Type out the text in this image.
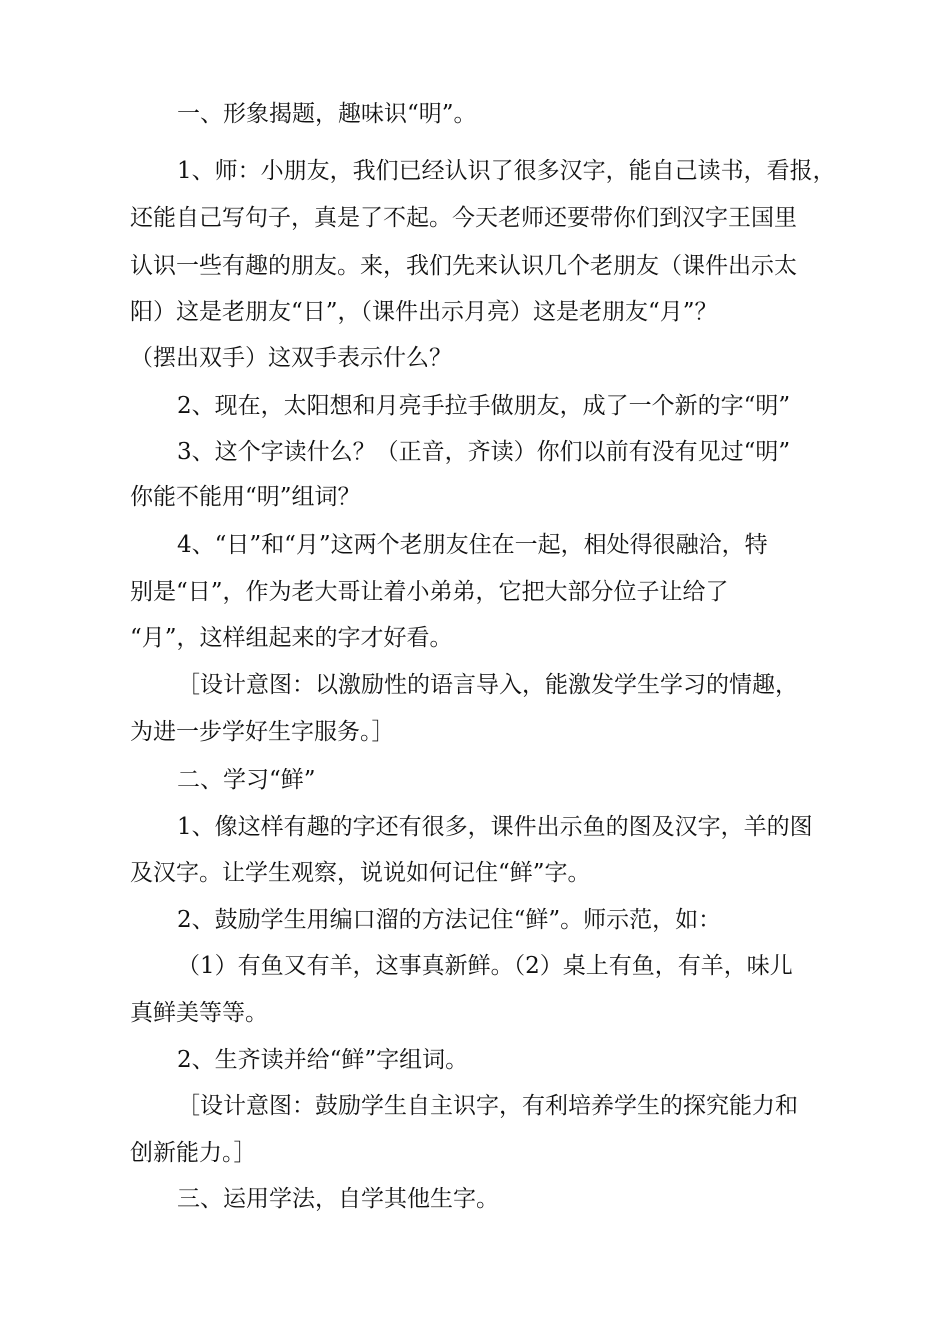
一、形象揭题，趣味识“明”。
1、师：小朋友，我们已经认识了很多汉字，能自己读书，看报，
还能自己写句子，真是了不起。今天老师还要带你们到汉字王国里
认识一些有趣的朋友。来，我们先来认识几个老朋友（课件出示太
阳）这是老朋友“日”，（课件出示月亮）这是老朋友“月”？
（摆出双手）这双手表示什么？
2、现在，太阳想和月亮手拉手做朋友，成了一个新的字“明”
3、这个字读什么？（正音，齐读）你们以前有没有见过“明”
你能不能用“明”组词？
4、“日”和“月”这两个老朋友住在一起，相处得很融洽，特
别是“日”，作为老大哥让着小弟弟，它把大部分位子让给了
“月”，这样组起来的字才好看。
［设计意图：以激励性的语言导入，能激发学生学习的情趣，
为进一步学好生字服务。］
二、学习“鲜”
1、像这样有趣的字还有很多，课件出示鱼的图及汉字，羊的图
及汉字。让学生观察，说说如何记住“鲜”字。
2、鼓励学生用编口溜的方法记住“鲜”。师示范，如：
（1）有鱼又有羊，这事真新鲜。（2）桌上有鱼，有羊，味儿
真鲜美等等。
2、生齐读并给“鲜”字组词。
［设计意图：鼓励学生自主识字，有利培养学生的探究能力和
创新能力。］
三、运用学法，自学其他生字。
